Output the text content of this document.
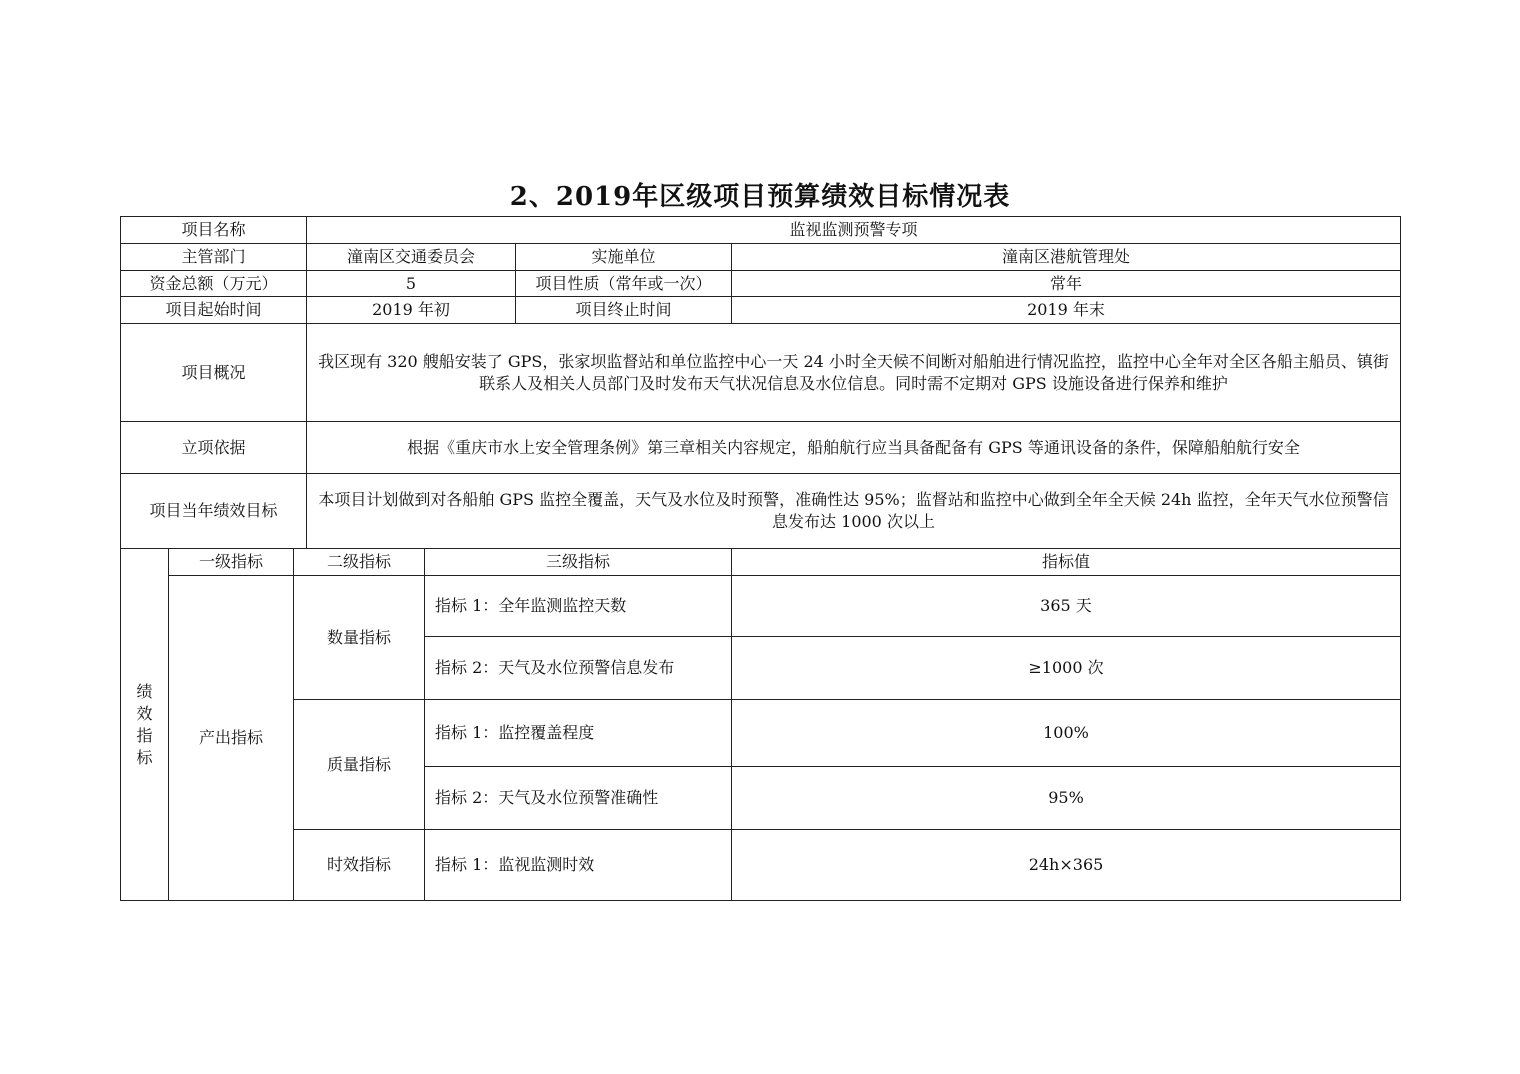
2、2019年区级项目预算绩效目标情况表
项目名称			监视监测预警专项			
主管部门			潼南区交通委员会		实施单位	潼南区港航管理处
资金总额（万元）			5		项目性质（常年或一次）	常年
项目起始时间			2019 年初		项目终止时间	2019 年末
项目概况			我区现有 320 艘船安装了 GPS，张家坝监督站和单位监控中心一天 24 小时全天候不间断对船舶进行情况监控，监控中心全年对全区各船主船员、镇街联系人及相关人员部门及时发布天气状况信息及水位信息。同时需不定期对 GPS 设施设备进行保养和维护			
立项依据			根据《重庆市水上安全管理条例》第三章相关内容规定，船舶航行应当具备配备有 GPS 等通讯设备的条件，保障船舶航行安全			
项目当年绩效目标			本项目计划做到对各船舶 GPS 监控全覆盖，天气及水位及时预警，准确性达 95%；监督站和监控中心做到全年全天候 24h 监控，全年天气水位预警信息发布达 1000 次以上			
绩效指标	一级指标	二级指标		三级指标		指标值
	产出指标	数量指标		指标 1：全年监测监控天数		365 天
				指标 2：天气及水位预警信息发布		≥1000 次
		质量指标		指标 1：监控覆盖程度		100%
				指标 2：天气及水位预警准确性		95%
		时效指标		指标 1：监视监测时效		24h×365
